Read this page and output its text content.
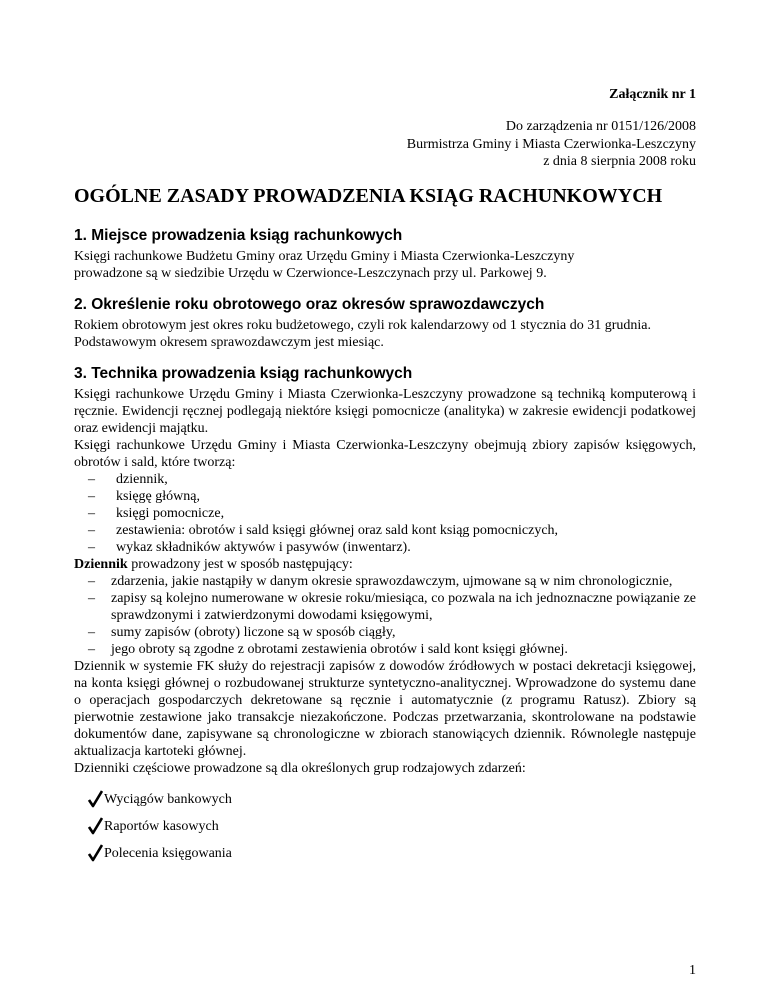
Załącznik nr 1
Do zarządzenia nr 0151/126/2008
Burmistrza Gminy i Miasta Czerwionka-Leszczyny
z dnia 8 sierpnia 2008 roku
OGÓLNE ZASADY PROWADZENIA KSIĄG RACHUNKOWYCH
1. Miejsce prowadzenia ksiąg rachunkowych

Księgi rachunkowe Budżetu Gminy oraz Urzędu Gminy i Miasta Czerwionka-Leszczyny

prowadzone są w siedzibie Urzędu w Czerwionce-Leszczynach przy ul. Parkowej 9.

2. Określenie roku obrotowego oraz okresów sprawozdawczych

Rokiem obrotowym jest okres roku budżetowego, czyli rok kalendarzowy od 1 stycznia do 31 grudnia.

Podstawowym okresem sprawozdawczym jest miesiąc.

3. Technika prowadzenia ksiąg rachunkowych

Księgi rachunkowe Urzędu Gminy i Miasta Czerwionka-Leszczyny prowadzone są techniką komputerową i ręcznie. Ewidencji ręcznej podlegają niektóre księgi pomocnicze (analityka) w zakresie ewidencji podatkowej oraz ewidencji majątku.

Księgi rachunkowe Urzędu Gminy i Miasta Czerwionka-Leszczyny obejmują zbiory zapisów księgowych, obrotów i sald, które tworzą:

– dziennik,
– księgę główną,
– księgi pomocnicze,
– zestawienia: obrotów i sald księgi głównej oraz sald kont ksiąg pomocniczych,
– wykaz składników aktywów i pasywów (inwentarz).

Dziennik prowadzony jest w sposób następujący:

– zdarzenia, jakie nastąpiły w danym okresie sprawozdawczym, ujmowane są w nim chronologicznie,
– zapisy są kolejno numerowane w okresie roku/miesiąca, co pozwala na ich jednoznaczne powiązanie ze sprawdzonymi i zatwierdzonymi dowodami księgowymi,
– sumy zapisów (obroty) liczone są w sposób ciągły,
– jego obroty są zgodne z obrotami zestawienia obrotów i sald kont księgi głównej.

Dziennik w systemie FK służy do rejestracji zapisów z dowodów źródłowych w postaci dekretacji księgowej, na konta księgi głównej o rozbudowanej strukturze syntetyczno-analitycznej. Wprowadzone do systemu dane o operacjach gospodarczych dekretowane są ręcznie i automatycznie (z programu Ratusz). Zbiory są pierwotnie zestawione jako transakcje niezakończone. Podczas przetwarzania, skontrolowane na podstawie dokumentów dane, zapisywane są chronologiczne w zbiorach stanowiących dziennik. Równolegle następuje aktualizacja kartoteki głównej.

Dzienniki częściowe prowadzone są dla określonych grup rodzajowych zdarzeń:

Wyciągów bankowych
Raportów kasowych
Polecenia księgowania
1
